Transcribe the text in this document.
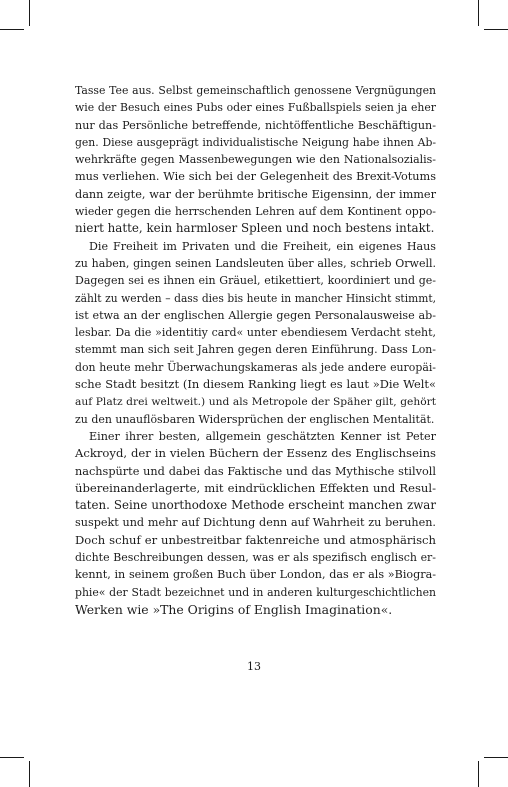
Tasse Tee aus. Selbst gemeinschaftlich genossene Vergnügungen
wie der Besuch eines Pubs oder eines Fußballspiels seien ja eher
nur das Persönliche betreffende, nichtöffentliche Beschäftigun-
gen. Diese ausgeprägt individualistische Neigung habe ihnen Ab-
wehrkräfte gegen Massenbewegungen wie den Nationalsozialis-
mus verliehen. Wie sich bei der Gelegenheit des Brexit-Votums
dann zeigte, war der berühmte britische Eigensinn, der immer
wieder gegen die herrschenden Lehren auf dem Kontinent oppo-
niert hatte, kein harmloser Spleen und noch bestens intakt.
Die Freiheit im Privaten und die Freiheit, ein eigenes Haus
zu haben, gingen seinen Landsleuten über alles, schrieb Orwell.
Dagegen sei es ihnen ein Gräuel, etikettiert, koordiniert und ge-
zählt zu werden – dass dies bis heute in mancher Hinsicht stimmt,
ist etwa an der englischen Allergie gegen Personalausweise ab-
lesbar. Da die »identitiy card« unter ebendiesem Verdacht steht,
stemmt man sich seit Jahren gegen deren Einführung. Dass Lon-
don heute mehr Überwachungskameras als jede andere europäi-
sche Stadt besitzt (In diesem Ranking liegt es laut »Die Welt«
auf Platz drei weltweit.) und als Metropole der Späher gilt, gehört
zu den unauflösbaren Widersprüchen der englischen Mentalität.
Einer ihrer besten, allgemein geschätzten Kenner ist Peter
Ackroyd, der in vielen Büchern der Essenz des Englischseins
nachspürte und dabei das Faktische und das Mythische stilvoll
übereinanderlagerte, mit eindrücklichen Effekten und Resul-
taten. Seine unorthodoxe Methode erscheint manchen zwar
suspekt und mehr auf Dichtung denn auf Wahrheit zu beruhen.
Doch schuf er unbestreitbar faktenreiche und atmosphärisch
dichte Beschreibungen dessen, was er als spezifisch englisch er-
kennt, in seinem großen Buch über London, das er als »Biogra-
phie« der Stadt bezeichnet und in anderen kulturgeschichtlichen
Werken wie »The Origins of English Imagination«.
13
